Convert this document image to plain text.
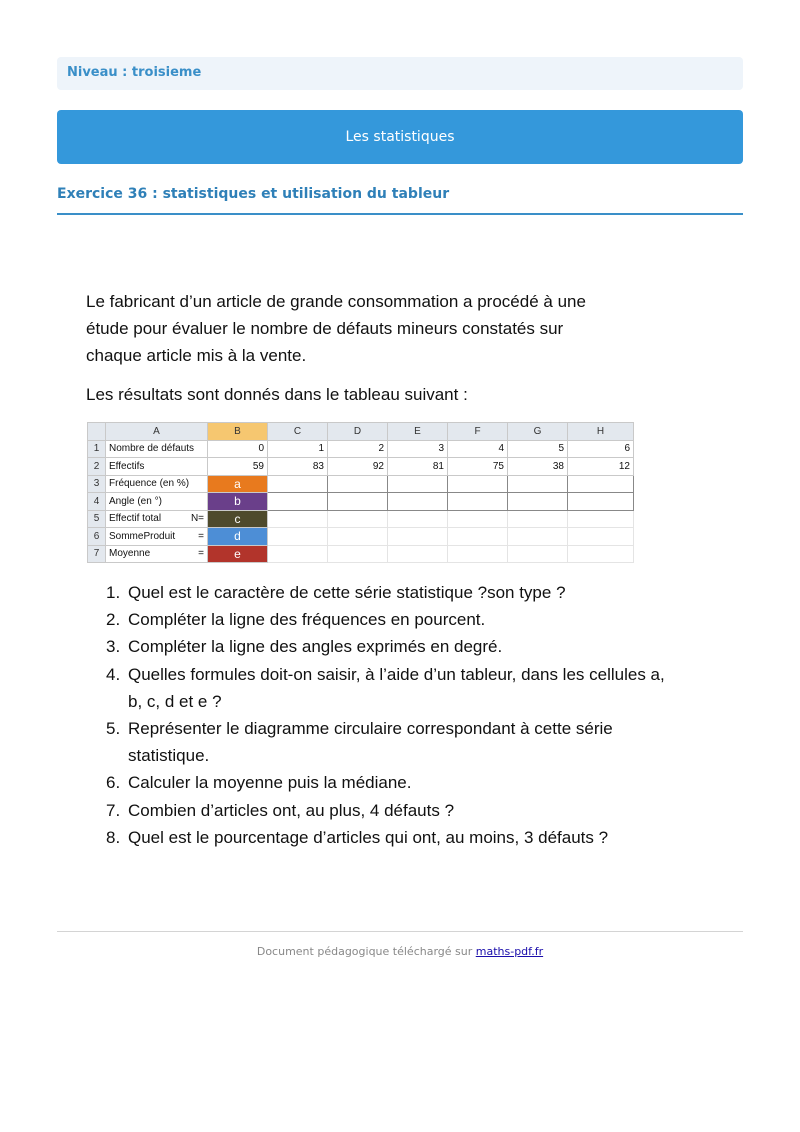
Niveau : troisieme
Les statistiques
Exercice 36 : statistiques et utilisation du tableur

Le fabricant d’un article de grande consommation a procédé à une

étude pour évaluer le nombre de défauts mineurs constatés sur

chaque article mis à la vente.

Les résultats sont donnés dans le tableau suivant :

	A	B	C	D	E	F	G	H
1	Nombre de défauts	0	1	2	3	4	5	6
2	Effectifs	59	83	92	81	75	38	12
3	Fréquence (en %)	a						
4	Angle (en °)	b						
5	Effectif total N=	c						
6	SommeProduit =	d						
7	Moyenne =	e						
1. Quel est le caractère de cette série statistique ?son type ?
2. Compléter la ligne des fréquences en pourcent.
3. Compléter la ligne des angles exprimés en degré.
4. Quelles formules doit-on saisir, à l’aide d’un tableur, dans les cellules a, b, c, d et e ?
5. Représenter le diagramme circulaire correspondant à cette série statistique.
6. Calculer la moyenne puis la médiane.
7. Combien d’articles ont, au plus, 4 défauts ?
8. Quel est le pourcentage d’articles qui ont, au moins, 3 défauts ?
Document pédagogique téléchargé sur maths-pdf.fr
